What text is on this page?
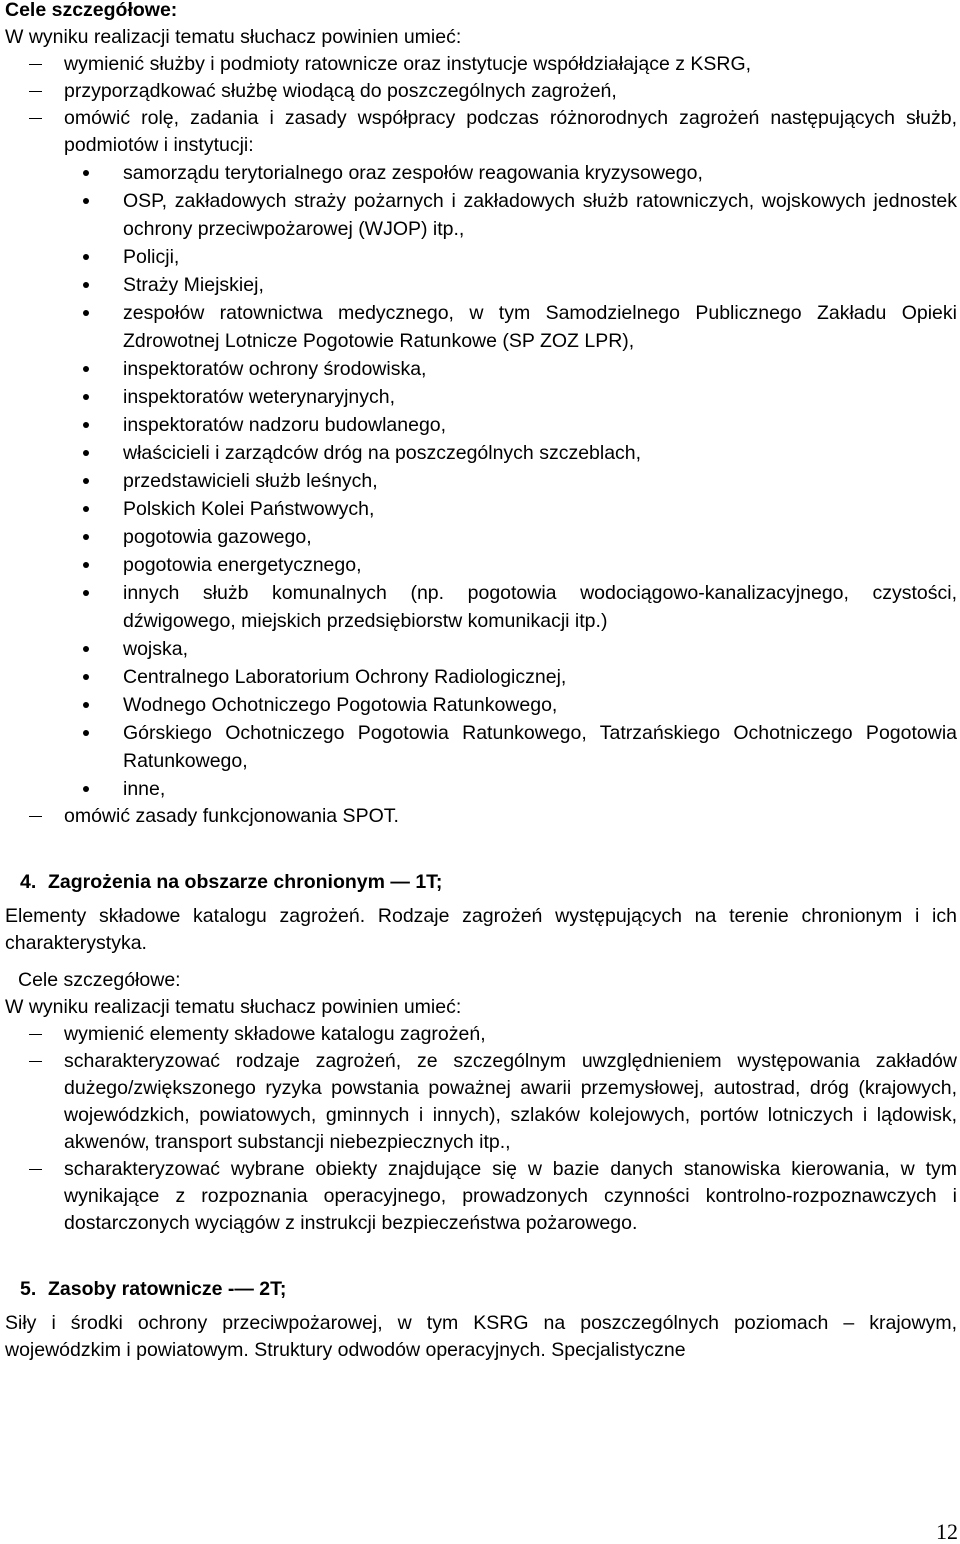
Cele szczegółowe:

W wyniku realizacji tematu słuchacz powinien umieć:

wymienić służby i podmioty ratownicze oraz instytucje współdziałające z KSRG,
przyporządkować służbę wiodącą do poszczególnych zagrożeń,
omówić rolę, zadania i zasady współpracy podczas różnorodnych zagrożeń następujących służb, podmiotów i instytucji:
samorządu terytorialnego oraz zespołów reagowania kryzysowego,
OSP, zakładowych straży pożarnych i zakładowych służb ratowniczych, wojskowych jednostek ochrony przeciwpożarowej (WJOP) itp.,
Policji,
Straży Miejskiej,
zespołów ratownictwa medycznego, w tym Samodzielnego Publicznego Zakładu Opieki Zdrowotnej Lotnicze Pogotowie Ratunkowe (SP ZOZ LPR),
inspektoratów ochrony środowiska,
inspektoratów weterynaryjnych,
inspektoratów nadzoru budowlanego,
właścicieli i zarządców dróg na poszczególnych szczeblach,
przedstawicieli służb leśnych,
Polskich Kolei Państwowych,
pogotowia gazowego,
pogotowia energetycznego,
innych służb komunalnych (np. pogotowia wodociągowo-kanalizacyjnego, czystości, dźwigowego, miejskich przedsiębiorstw komunikacji itp.)
wojska,
Centralnego Laboratorium Ochrony Radiologicznej,
Wodnego Ochotniczego Pogotowia Ratunkowego,
Górskiego Ochotniczego Pogotowia Ratunkowego, Tatrzańskiego Ochotniczego Pogotowia Ratunkowego,
inne,
omówić zasady funkcjonowania SPOT.

4. Zagrożenia na obszarze chronionym — 1T;

Elementy składowe katalogu zagrożeń. Rodzaje zagrożeń występujących na terenie chronionym i ich charakterystyka.

Cele szczegółowe:

W wyniku realizacji tematu słuchacz powinien umieć:

wymienić elementy składowe katalogu zagrożeń,
scharakteryzować rodzaje zagrożeń, ze szczególnym uwzględnieniem występowania zakładów dużego/zwiększonego ryzyka powstania poważnej awarii przemysłowej, autostrad, dróg (krajowych, wojewódzkich, powiatowych, gminnych i innych), szlaków kolejowych, portów lotniczych i lądowisk, akwenów, transport substancji niebezpiecznych itp.,
scharakteryzować wybrane obiekty znajdujące się w bazie danych stanowiska kierowania, w tym wynikające z rozpoznania operacyjnego, prowadzonych czynności kontrolno-rozpoznawczych i dostarczonych wyciągów z instrukcji bezpieczeństwa pożarowego.

5. Zasoby ratownicze -— 2T;

Siły i środki ochrony przeciwpożarowej, w tym KSRG na poszczególnych poziomach – krajowym, wojewódzkim i powiatowym. Struktury odwodów operacyjnych. Specjalistyczne

12
